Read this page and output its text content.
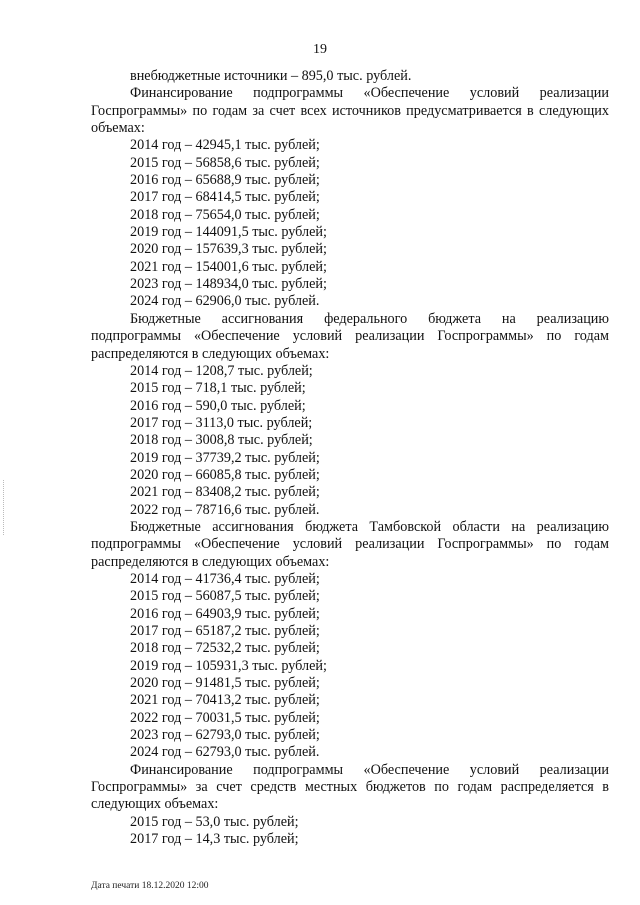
19

внебюджетные источники – 895,0 тыс. рублей.

Финансирование подпрограммы «Обеспечение условий реализации Госпрограммы» по годам за счет всех источников предусматривается в следующих объемах:

2014 год – 42945,1 тыс. рублей;
2015 год – 56858,6 тыс. рублей;
2016 год – 65688,9 тыс. рублей;
2017 год – 68414,5 тыс. рублей;
2018 год – 75654,0 тыс. рублей;
2019 год – 144091,5 тыс. рублей;
2020 год – 157639,3 тыс. рублей;
2021 год – 154001,6 тыс. рублей;
2023 год – 148934,0 тыс. рублей;
2024 год – 62906,0 тыс. рублей.

Бюджетные ассигнования федерального бюджета на реализацию подпрограммы «Обеспечение условий реализации Госпрограммы» по годам распределяются в следующих объемах:

2014 год – 1208,7 тыс. рублей;
2015 год – 718,1 тыс. рублей;
2016 год – 590,0 тыс. рублей;
2017 год – 3113,0 тыс. рублей;
2018 год – 3008,8 тыс. рублей;
2019 год – 37739,2 тыс. рублей;
2020 год – 66085,8 тыс. рублей;
2021 год – 83408,2 тыс. рублей;
2022 год – 78716,6 тыс. рублей.

Бюджетные ассигнования бюджета Тамбовской области на реализацию подпрограммы «Обеспечение условий реализации Госпрограммы» по годам распределяются в следующих объемах:

2014 год – 41736,4 тыс. рублей;
2015 год – 56087,5 тыс. рублей;
2016 год – 64903,9 тыс. рублей;
2017 год – 65187,2 тыс. рублей;
2018 год – 72532,2 тыс. рублей;
2019 год – 105931,3 тыс. рублей;
2020 год – 91481,5 тыс. рублей;
2021 год – 70413,2 тыс. рублей;
2022 год – 70031,5 тыс. рублей;
2023 год – 62793,0 тыс. рублей;
2024 год – 62793,0 тыс. рублей.

Финансирование подпрограммы «Обеспечение условий реализации Госпрограммы» за счет средств местных бюджетов по годам распределяется в следующих объемах:

2015 год – 53,0 тыс. рублей;
2017 год – 14,3 тыс. рублей;
Дата печати 18.12.2020 12:00
